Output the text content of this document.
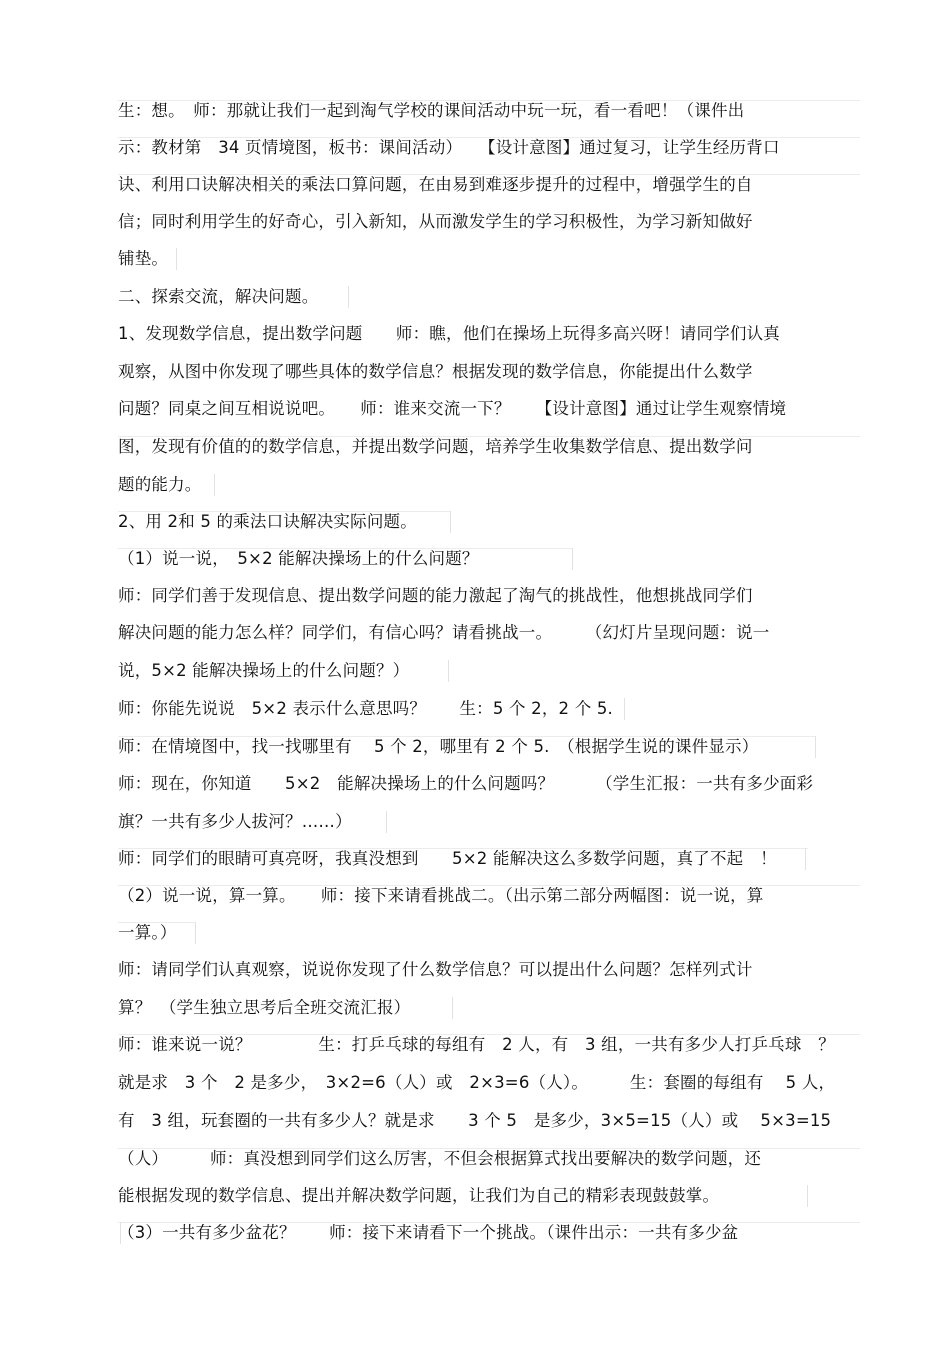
生：想。　师：那就让我们一起到淘气学校的课间活动中玩一玩，看一看吧！（课件出
示：教材第　34 页情境图，板书：课间活动）　　【设计意图】通过复习，让学生经历背口
诀、利用口诀解决相关的乘法口算问题，在由易到难逐步提升的过程中，增强学生的自
信；同时利用学生的好奇心，引入新知，从而激发学生的学习积极性，为学习新知做好
铺垫。
二、探索交流，解决问题。
1、发现数学信息，提出数学问题　　师：瞧，他们在操场上玩得多高兴呀！请同学们认真
观察，从图中你发现了哪些具体的数学信息？根据发现的数学信息，你能提出什么数学
问题？同桌之间互相说说吧。　　师：谁来交流一下？　　【设计意图】通过让学生观察情境
图，发现有价值的的数学信息，并提出数学问题，培养学生收集数学信息、提出数学问
题的能力。
2、用 2和 5 的乘法口诀解决实际问题。
（1）说一说，　5×2 能解决操场上的什么问题？
师：同学们善于发现信息、提出数学问题的能力激起了淘气的挑战性，他想挑战同学们
解决问题的能力怎么样？同学们，有信心吗？请看挑战一。　　　（幻灯片呈现问题：说一
说，5×2 能解决操场上的什么问题？）
师：你能先说说　5×2 表示什么意思吗？　　生：5 个 2，2 个 5.
师：在情境图中，找一找哪里有　 5 个 2，哪里有 2 个 5.　（根据学生说的课件显示）
师：现在，你知道　　5×2　能解决操场上的什么问题吗？　　　（学生汇报：一共有多少面彩
旗？一共有多少人拔河？……）
师：同学们的眼睛可真亮呀，我真没想到　　5×2 能解决这么多数学问题，真了不起　！
（2）说一说，算一算。　　师：接下来请看挑战二。（出示第二部分两幅图：说一说，算
一算。）
师：请同学们认真观察，说说你发现了什么数学信息？可以提出什么问题？怎样列式计
算？　（学生独立思考后全班交流汇报）
师：谁来说一说？　　　　生：打乒乓球的每组有　2 人，有　3 组，一共有多少人打乒乓球　？
就是求　3 个　2 是多少，　3×2=6（人）或　2×3=6（人）。　　　生：套圈的每组有　 5 人，
有　3 组，玩套圈的一共有多少人？就是求　　3 个 5　是多少，3×5=15（人）或　 5×3=15
（人）　　　师：真没想到同学们这么厉害，不但会根据算式找出要解决的数学问题，还
能根据发现的数学信息、提出并解决数学问题，让我们为自己的精彩表现鼓鼓掌。
（3）一共有多少盆花？　　师：接下来请看下一个挑战。（课件出示：一共有多少盆
